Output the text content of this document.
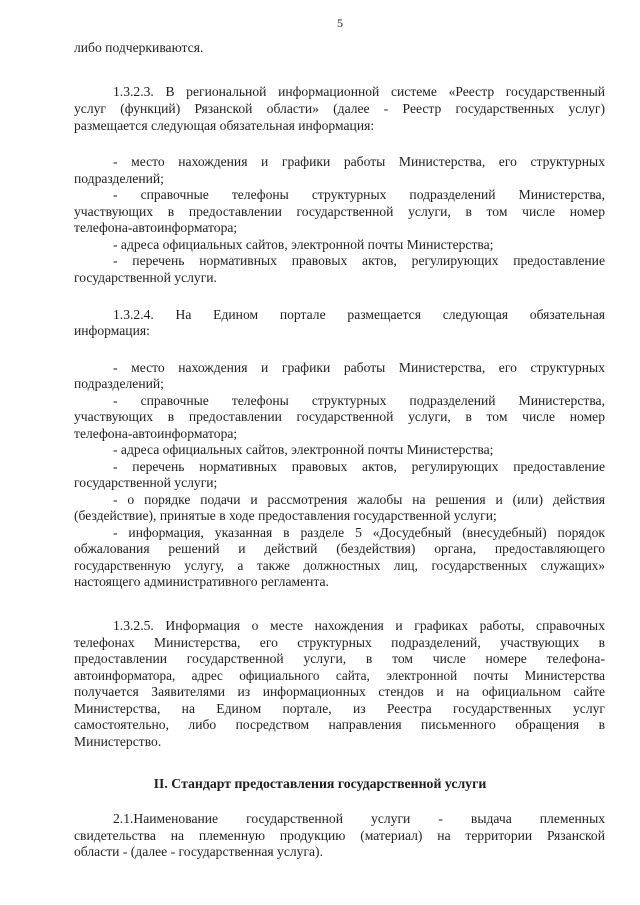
5
либо подчеркиваются.
1.3.2.3. В региональной информационной системе «Реестр государственный
услуг (функций) Рязанской области» (далее - Реестр государственных услуг)
размещается следующая обязательная информация:
- место нахождения и графики работы Министерства, его структурных
подразделений;
- справочные телефоны структурных подразделений Министерства,
участвующих в предоставлении государственной услуги, в том числе номер
телефона-автоинформатора;
- адреса официальных сайтов, электронной почты Министерства;
- перечень нормативных правовых актов, регулирующих предоставление
государственной услуги.
1.3.2.4. На Едином портале размещается следующая обязательная
информация:
- место нахождения и графики работы Министерства, его структурных
подразделений;
- справочные телефоны структурных подразделений Министерства,
участвующих в предоставлении государственной услуги, в том числе номер
телефона-автоинформатора;
- адреса официальных сайтов, электронной почты Министерства;
- перечень нормативных правовых актов, регулирующих предоставление
государственной услуги;
- о порядке подачи и рассмотрения жалобы на решения и (или) действия
(бездействие), принятые в ходе предоставления государственной услуги;
- информация, указанная в разделе 5 «Досудебный (внесудебный) порядок
обжалования решений и действий (бездействия) органа, предоставляющего
государственную услугу, а также должностных лиц, государственных служащих»
настоящего административного регламента.
1.3.2.5. Информация о месте нахождения и графиках работы, справочных
телефонах Министерства, его структурных подразделений, участвующих в
предоставлении государственной услуги, в том числе номере телефона-
автоинформатора, адрес официального сайта, электронной почты Министерства
получается Заявителями из информационных стендов и на официальном сайте
Министерства, на Едином портале, из Реестра государственных услуг
самостоятельно, либо посредством направления письменного обращения в
Министерство.
II. Стандарт предоставления государственной услуги
2.1.Наименование государственной услуги - выдача племенных
свидетельства на племенную продукцию (материал) на территории Рязанской
области - (далее - государственная услуга).
